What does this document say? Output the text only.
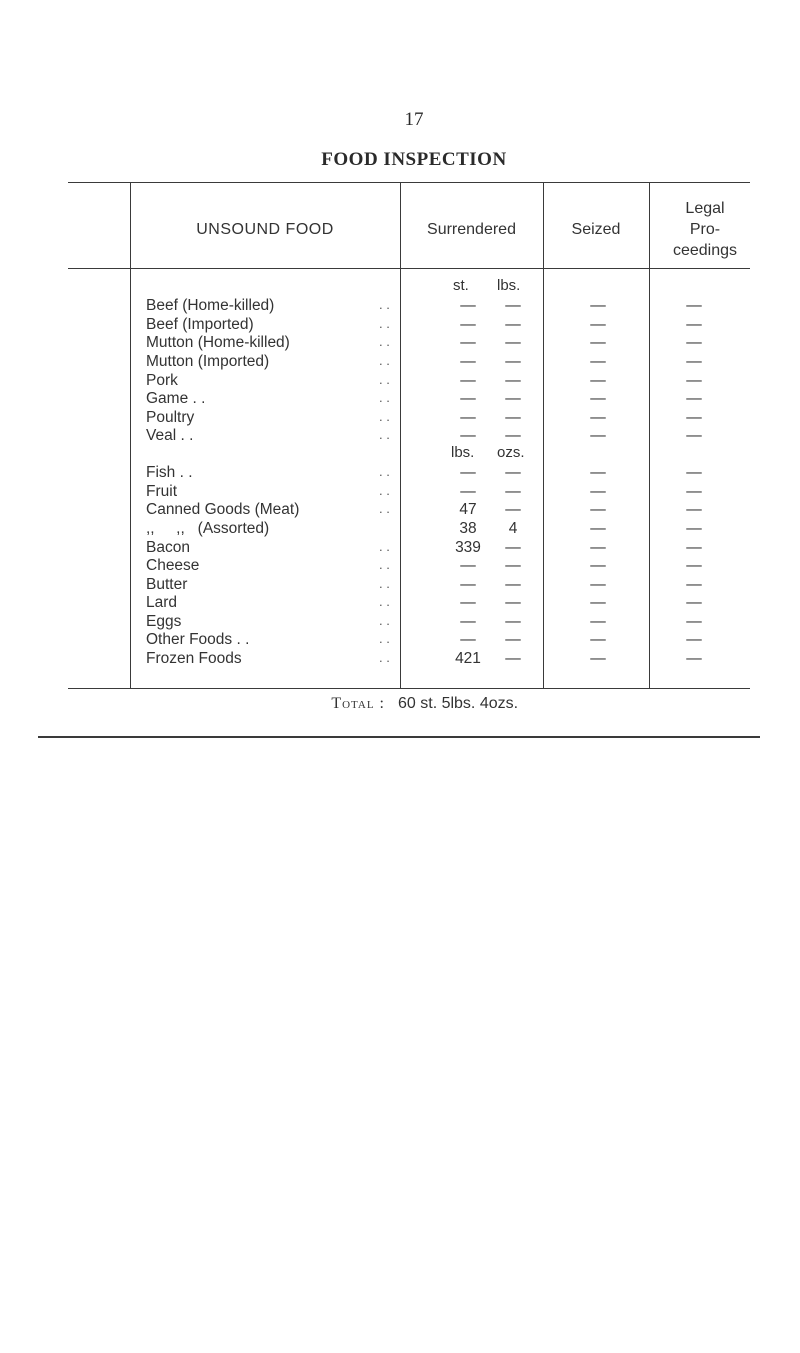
17
FOOD INSPECTION
UNSOUND FOOD	Surrendered	Seized
Legal
Pro-
ceedings
st. lbs.
lbs. ozs.
Beef (Home-killed)	. .	—	—	—	—
Beef (Imported)	. .	—	—	—	—
Mutton (Home-killed)	. .	—	—	—	—
Mutton (Imported)	. .	—	—	—	—
Pork	. .	—	—	—	—
Game . .	. .	—	—	—	—
Poultry	. .	—	—	—	—
Veal . .	. .	—	—	—	—
Fish . .	. .	—	—	—	—
Fruit	. .	—	—	—	—
Canned Goods (Meat)	. .	47	—	—	—
,,     ,,   (Assorted)	38	4	—	—
Bacon	. .	339	—	—	—
Cheese	. .	—	—	—	—
Butter	. .	—	—	—	—
Lard	. .	—	—	—	—
Eggs	. .	—	—	—	—
Other Foods . .	. .	—	—	—	—
Frozen Foods	. .	421	—	—	—
Total : 60 st. 5lbs. 4ozs.
